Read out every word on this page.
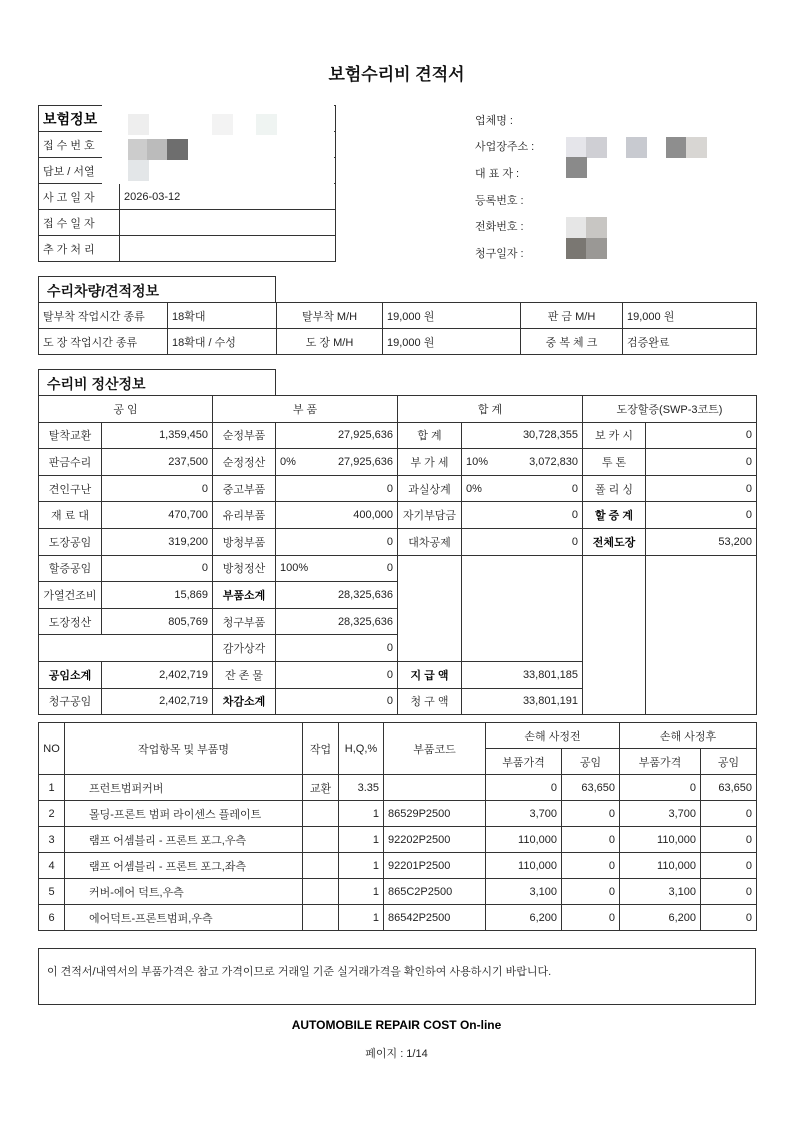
보험수리비 견적서
보험정보	
접 수 번 호	
담보 / 서열	
사 고 일 자	2026-03-12
접 수 일 자	
추 가 처 리	
업체명 :
사업장주소 :
대 표 자 :
등록번호 :
전화번호 :
청구일자 :
수리차량/견적정보
탈부착 작업시간 종류	18확대	탈부착 M/H	19,000 원	판 금 M/H	19,000 원
도 장 작업시간 종류	18확대 / 수성	도 장 M/H	19,000 원	중 복 체 크	검증완료
수리비 정산정보
공 임		부 품		합 계		도장할증(SWP-3코트)	
탈착교환	1,359,450	순정부품	27,925,636	합 계	30,728,355	보 카 시	0
판금수리	237,500	순정정산	0% 27,925,636	부 가 세	10% 3,072,830	투 톤	0
견인구난	0	중고부품	0	과실상계	0% 0	폴 리 싱	0
재 료 대	470,700	유리부품	400,000	자기부담금	0	할 증 계	0
도장공임	319,200	방청부품	0	대차공제	0	전체도장	53,200
할증공임	0	방청정산	100% 0				

가열건조비	15,869	부품소계	28,325,636				

도장정산	805,769	청구부품	28,325,636				

		감가상각	0				

공임소계	2,402,719	잔 존 물	0	지 급 액	33,801,185		
청구공임	2,402,719	차감소계	0	청 구 액	33,801,191		
NO	작업항목 및 부품명	작업	H,Q,%	부품코드	손해 사정전		손해 사정후	
					부품가격	공임	부품가격	공임
1	프런트범퍼커버	교환	3.35		0	63,650	0	63,650
2	몰딩-프론트 범퍼 라이센스 플레이트		1	86529P2500	3,700	0	3,700	0
3	램프 어셈블리 - 프론트 포그,우측		1	92202P2500	110,000	0	110,000	0
4	램프 어셈블리 - 프론트 포그,좌측		1	92201P2500	110,000	0	110,000	0
5	커버-에어 덕트,우측		1	865C2P2500	3,100	0	3,100	0
6	에어덕트-프론트범퍼,우측		1	86542P2500	6,200	0	6,200	0
이 견적서/내역서의 부품가격은 참고 가격이므로 거래일 기준 실거래가격을 확인하여 사용하시기 바랍니다.
AUTOMOBILE REPAIR COST On-line
페이지 : 1/14
